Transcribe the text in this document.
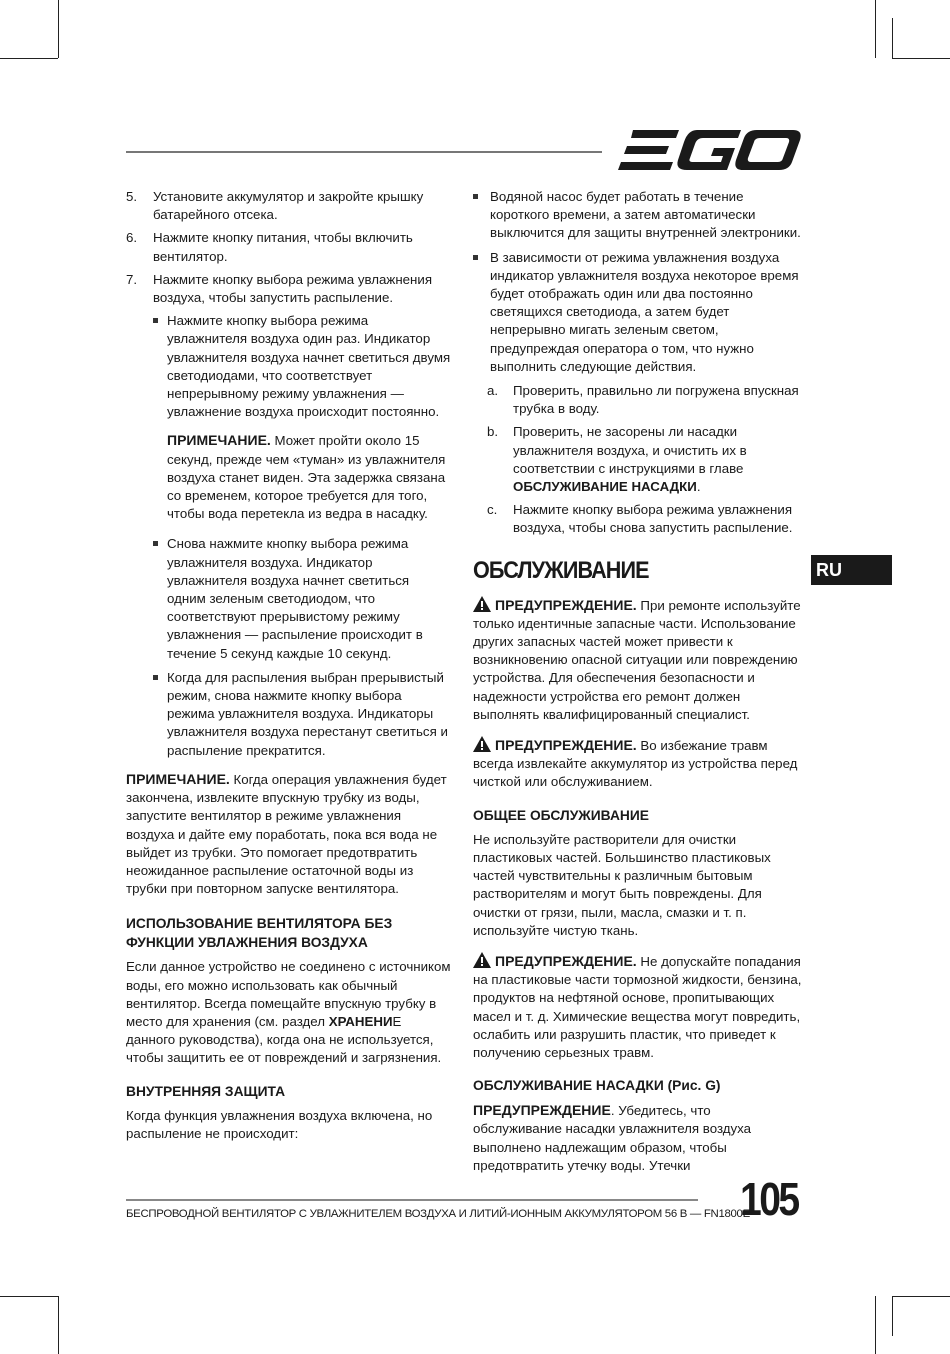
5. Установите аккумулятор и закройте крышку батарейного отсека.
6. Нажмите кнопку питания, чтобы включить вентилятор.
7. Нажмите кнопку выбора режима увлажнения воздуха, чтобы запустить распыление.
Нажмите кнопку выбора режима увлажнителя воздуха один раз. Индикатор увлажнителя воздуха начнет светиться двумя светодиодами, что соответствует непрерывному режиму увлажнения — увлажнение воздуха происходит постоянно.
ПРИМЕЧАНИЕ. Может пройти около 15 секунд, прежде чем «туман» из увлажнителя воздуха станет виден. Эта задержка связана со временем, которое требуется для того, чтобы вода перетекла из ведра в насадку.
Снова нажмите кнопку выбора режима увлажнителя воздуха. Индикатор увлажнителя воздуха начнет светиться одним зеленым светодиодом, что соответствуют прерывистому режиму увлажнения — распыление происходит в течение 5 секунд каждые 10 секунд.
Когда для распыления выбран прерывистый режим, снова нажмите кнопку выбора режима увлажнителя воздуха. Индикаторы увлажнителя воздуха перестанут светиться и распыление прекратится.
ПРИМЕЧАНИЕ. Когда операция увлажнения будет закончена, извлеките впускную трубку из воды, запустите вентилятор в режиме увлажнения воздуха и дайте ему поработать, пока вся вода не выйдет из трубки. Это помогает предотвратить неожиданное распыление остаточной воды из трубки при повторном запуске вентилятора.
ИСПОЛЬЗОВАНИЕ ВЕНТИЛЯТОРА БЕЗ ФУНКЦИИ УВЛАЖНЕНИЯ ВОЗДУХА
Если данное устройство не соединено с источником воды, его можно использовать как обычный вентилятор. Всегда помещайте впускную трубку в место для хранения (см. раздел ХРАНЕНИЕ данного руководства), когда она не используется, чтобы защитить ее от повреждений и загрязнения.
ВНУТРЕННЯЯ ЗАЩИТА
Когда функция увлажнения воздуха включена, но распыление не происходит:
Водяной насос будет работать в течение короткого времени, а затем автоматически выключится для защиты внутренней электроники.
В зависимости от режима увлажнения воздуха индикатор увлажнителя воздуха некоторое время будет отображать один или два постоянно светящихся светодиода, а затем будет непрерывно мигать зеленым светом, предупреждая оператора о том, что нужно выполнить следующие действия.
a. Проверить, правильно ли погружена впускная трубка в воду.
b. Проверить, не засорены ли насадки увлажнителя воздуха, и очистить их в соответствии с инструкциями в главе ОБСЛУЖИВАНИЕ НАСАДКИ.
c. Нажмите кнопку выбора режима увлажнения воздуха, чтобы снова запустить распыление.
ОБСЛУЖИВАНИЕ
ПРЕДУПРЕЖДЕНИЕ. При ремонте используйте только идентичные запасные части. Использование других запасных частей может привести к возникновению опасной ситуации или повреждению устройства. Для обеспечения безопасности и надежности устройства его ремонт должен выполнять квалифицированный специалист.
ПРЕДУПРЕЖДЕНИЕ. Во избежание травм всегда извлекайте аккумулятор из устройства перед чисткой или обслуживанием.
ОБЩЕЕ ОБСЛУЖИВАНИЕ
Не используйте растворители для очистки пластиковых частей. Большинство пластиковых частей чувствительны к различным бытовым растворителям и могут быть повреждены. Для очистки от грязи, пыли, масла, смазки и т. п. используйте чистую ткань.
ПРЕДУПРЕЖДЕНИЕ. Не допускайте попадания на пластиковые части тормозной жидкости, бензина, продуктов на нефтяной основе, пропитывающих масел и т. д. Химические вещества могут повредить, ослабить или разрушить пластик, что приведет к получению серьезных травм.
ОБСЛУЖИВАНИЕ НАСАДКИ (Рис. G)
ПРЕДУПРЕЖДЕНИЕ. Убедитесь, что обслуживание насадки увлажнителя воздуха выполнено надлежащим образом, чтобы предотвратить утечку воды. Утечки
RU
БЕСПРОВОДНОЙ ВЕНТИЛЯТОР С УВЛАЖНИТЕЛЕМ ВОЗДУХА И ЛИТИЙ-ИОННЫМ АККУМУЛЯТОРОМ 56 В — FN1800E
105
